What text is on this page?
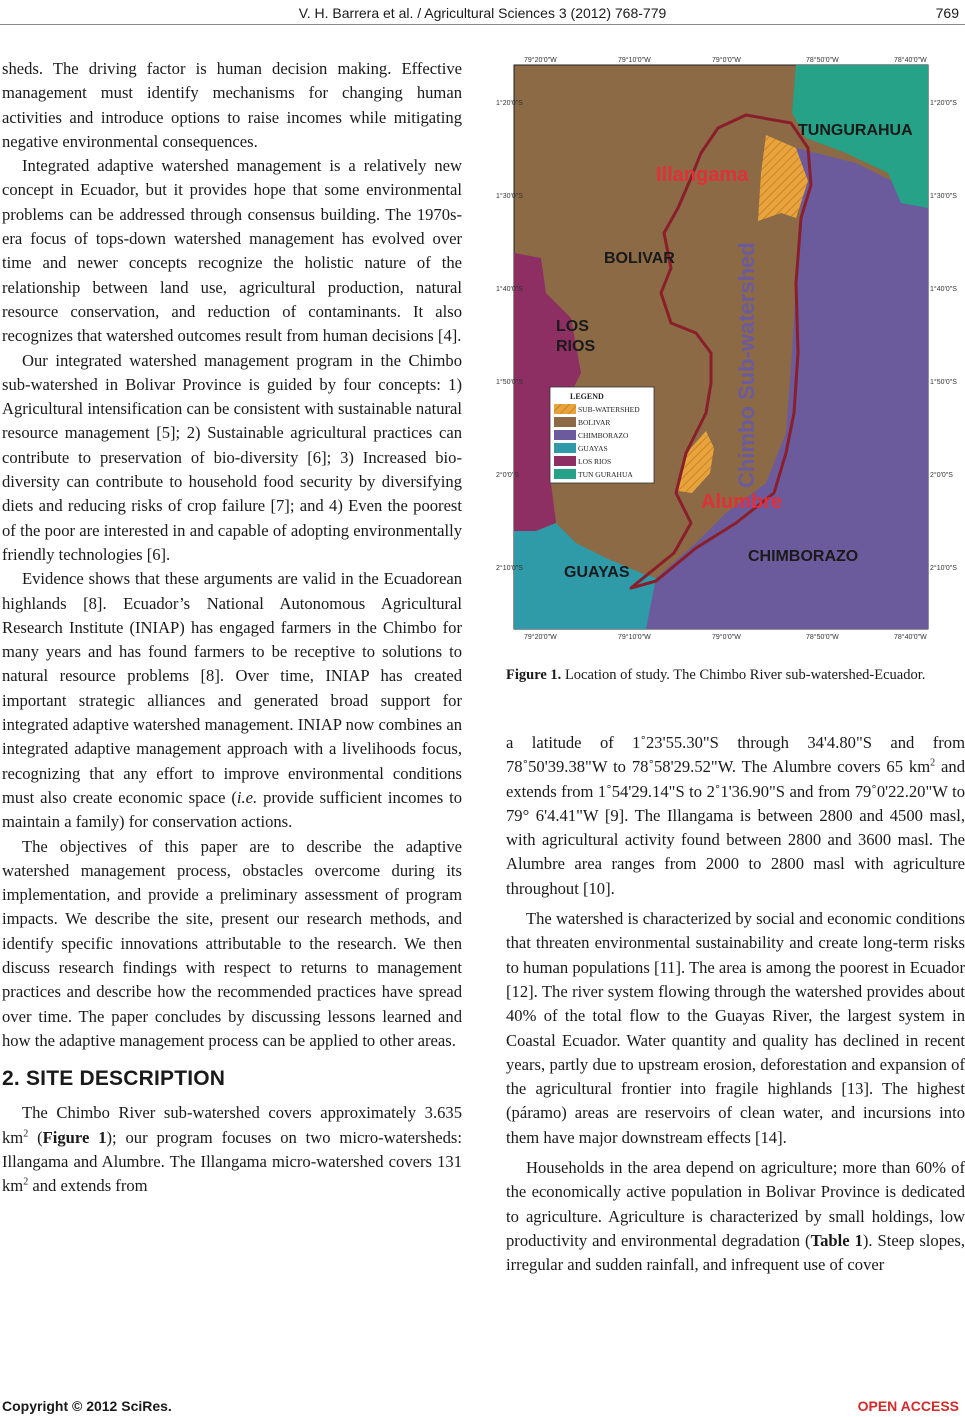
V. H. Barrera et al. / Agricultural Sciences 3 (2012) 768-779	769

sheds. The driving factor is human decision making. Effective management must identify mechanisms for changing human activities and introduce options to raise incomes while mitigating negative environmental consequences.

Integrated adaptive watershed management is a relatively new concept in Ecuador, but it provides hope that some environmental problems can be addressed through consensus building. The 1970s-era focus of tops-down watershed management has evolved over time and newer concepts recognize the holistic nature of the relationship between land use, agricultural production, natural resource conservation, and reduction of contaminants. It also recognizes that watershed outcomes result from human decisions [4].

Our integrated watershed management program in the Chimbo sub-watershed in Bolivar Province is guided by four concepts: 1) Agricultural intensification can be consistent with sustainable natural resource management [5]; 2) Sustainable agricultural practices can contribute to preservation of bio-diversity [6]; 3) Increased bio-diversity can contribute to household food security by diversifying diets and reducing risks of crop failure [7]; and 4) Even the poorest of the poor are interested in and capable of adopting environmentally friendly technologies [6].

Evidence shows that these arguments are valid in the Ecuadorean highlands [8]. Ecuador’s National Autonomous Agricultural Research Institute (INIAP) has engaged farmers in the Chimbo for many years and has found farmers to be receptive to solutions to natural resource problems [8]. Over time, INIAP has created important strategic alliances and generated broad support for integrated adaptive watershed management. INIAP now combines an integrated adaptive management approach with a livelihoods focus, recognizing that any effort to improve environmental conditions must also create economic space (i.e. provide sufficient incomes to maintain a family) for conservation actions.

The objectives of this paper are to describe the adaptive watershed management process, obstacles overcome during its implementation, and provide a preliminary assessment of program impacts. We describe the site, present our research methods, and identify specific innovations attributable to the research. We then discuss research findings with respect to returns to management practices and describe how the recommended practices have spread over time. The paper concludes by discussing lessons learned and how the adaptive management process can be applied to other areas.

2. SITE DESCRIPTION

The Chimbo River sub-watershed covers approximately 3.635 $km^2$ (Figure 1); our program focuses on two micro-watersheds: Illangama and Alumbre. The Illangama micro-watershed covers 131 $km^2$ and extends from

79°20'0"W	79°10'0"W	79°0'0"W	78°50'0"W	78°40'0"W
79°20'0"W	79°10'0"W	79°0'0"W	78°50'0"W	78°40'0"W
1°20'0"S
1°30'0"S
1°40'0"S
1°50'0"S
2°0'0"S
2°10'0"S
1°20'0"S
1°30'0"S
1°40'0"S
1°50'0"S
2°0'0"S
2°10'0"S
TUNGURAHUA
Illangama
BOLIVAR
LOS
RIOS	Chimbo Sub-watershed
Alumbre
CHIMBORAZO
GUAYAS
LEGEND
SUB-WATERSHED
BOLIVAR
CHIMBORAZO
GUAYAS
LOS RIOS
TUN GURAHUA
Figure 1. Location of study. The Chimbo River sub-watershed-Ecuador.

a latitude of 1˚23'55.30"S through 34'4.80"S and from 78˚50'39.38"W to 78˚58'29.52"W. The Alumbre covers 65 $km^2$ and extends from 1˚54'29.14"S to 2˚1'36.90"S and from 79˚0'22.20"W to 79° 6'4.41"W [9]. The Illangama is between 2800 and 4500 masl, with agricultural activity found between 2800 and 3600 masl. The Alumbre area ranges from 2000 to 2800 masl with agriculture throughout [10].

The watershed is characterized by social and economic conditions that threaten environmental sustainability and create long-term risks to human populations [11]. The area is among the poorest in Ecuador [12]. The river system flowing through the watershed provides about 40% of the total flow to the Guayas River, the largest system in Coastal Ecuador. Water quantity and quality has declined in recent years, partly due to upstream erosion, deforestation and expansion of the agricultural frontier into fragile highlands [13]. The highest (páramo) areas are reservoirs of clean water, and incursions into them have major downstream effects [14].

Households in the area depend on agriculture; more than 60% of the economically active population in Bolivar Province is dedicated to agriculture. Agriculture is characterized by small holdings, low productivity and environmental degradation (Table 1). Steep slopes, irregular and sudden rainfall, and infrequent use of cover

Copyright © 2012 SciRes.	OPEN ACCESS
